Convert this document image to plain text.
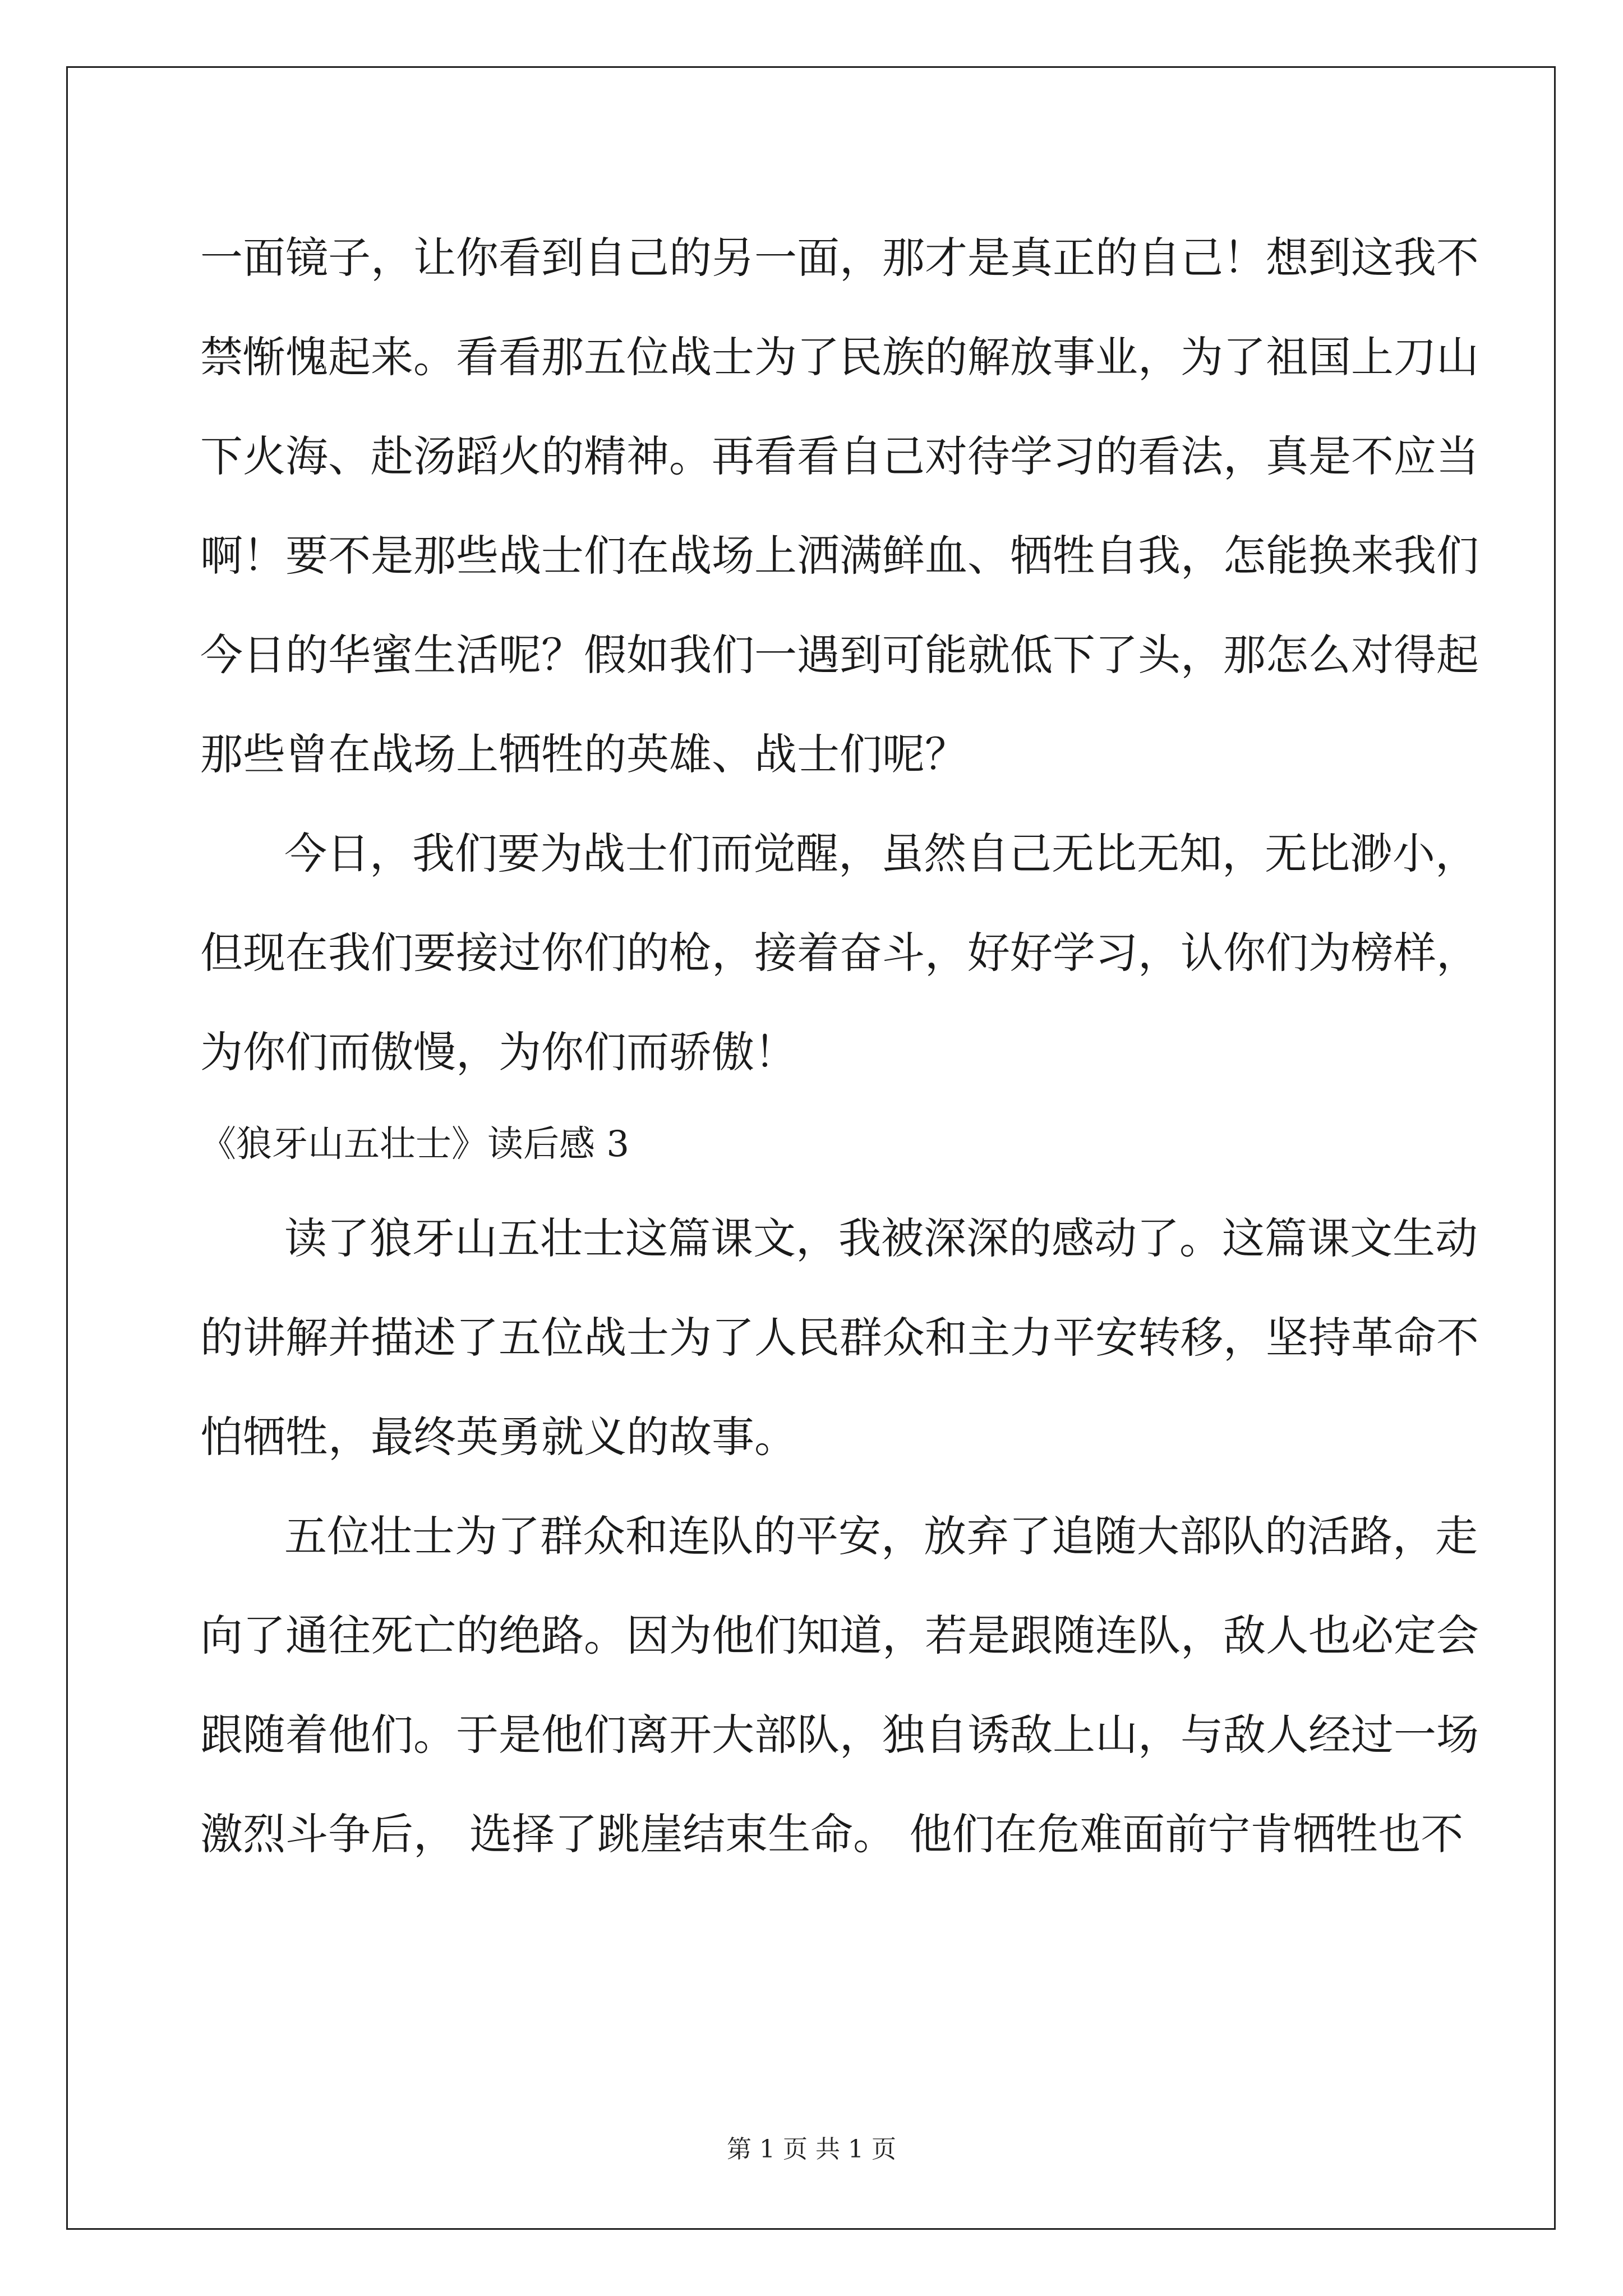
一面镜子，让你看到自己的另一面，那才是真正的自己！想到这我不
禁惭愧起来。看看那五位战士为了民族的解放事业，为了祖国上刀山
下火海、赴汤蹈火的精神。再看看自己对待学习的看法，真是不应当
啊！要不是那些战士们在战场上洒满鲜血、牺牲自我，怎能换来我们
今日的华蜜生活呢？假如我们一遇到可能就低下了头，那怎么对得起
那些曾在战场上牺牲的英雄、战士们呢？
今日，我们要为战士们而觉醒，虽然自己无比无知，无比渺小，
但现在我们要接过你们的枪，接着奋斗，好好学习，认你们为榜样，
为你们而傲慢，为你们而骄傲！
《狼牙山五壮士》读后感 3
读了狼牙山五壮士这篇课文，我被深深的感动了。这篇课文生动
的讲解并描述了五位战士为了人民群众和主力平安转移，坚持革命不
怕牺牲，最终英勇就义的故事。
五位壮士为了群众和连队的平安，放弃了追随大部队的活路，走
向了通往死亡的绝路。因为他们知道，若是跟随连队，敌人也必定会
跟随着他们。于是他们离开大部队，独自诱敌上山，与敌人经过一场
激烈斗争后， 选择了跳崖结束生命。 他们在危难面前宁肯牺牲也不
第 1 页 共 1 页
